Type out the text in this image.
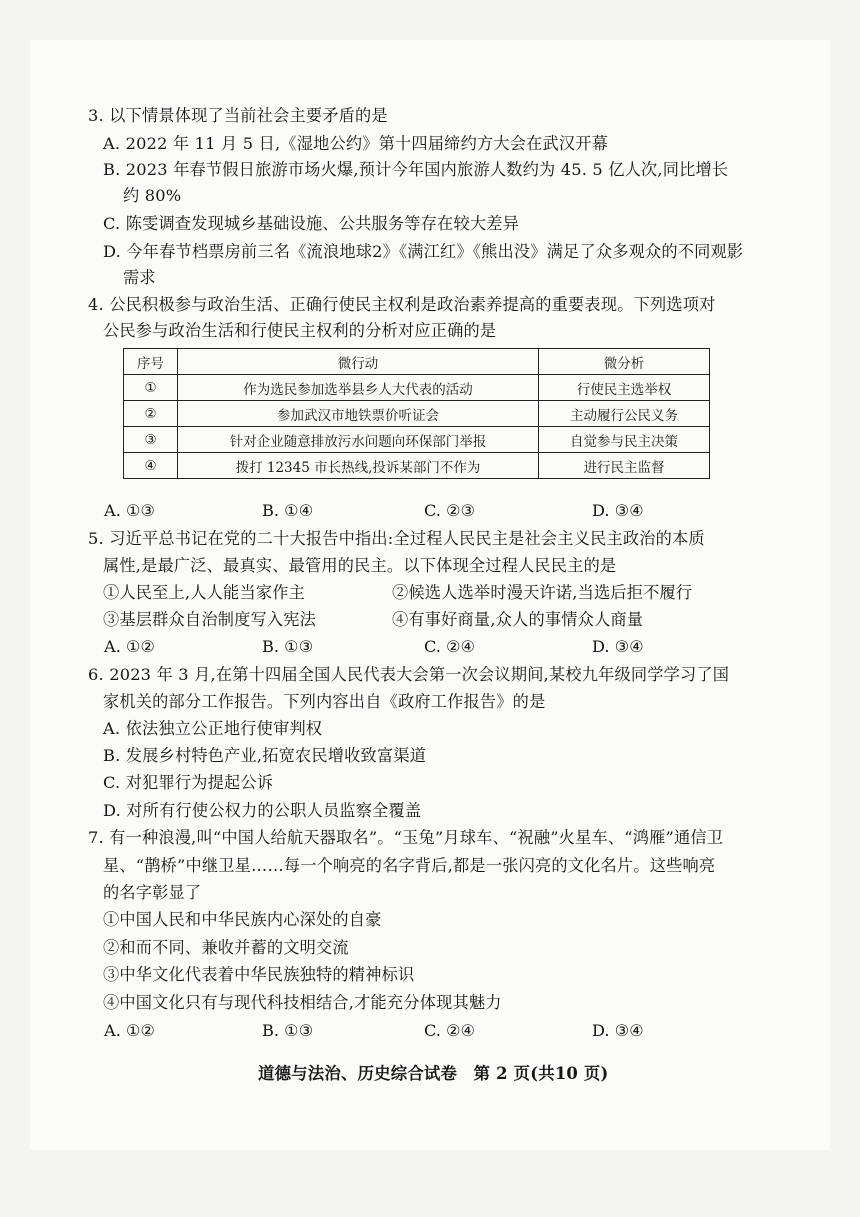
3. 以下情景体现了当前社会主要矛盾的是
A. 2022 年 11 月 5 日,《湿地公约》第十四届缔约方大会在武汉开幕
B. 2023 年春节假日旅游市场火爆,预计今年国内旅游人数约为 45. 5 亿人次,同比增长
约 80%
C. 陈雯调查发现城乡基础设施、公共服务等存在较大差异
D. 今年春节档票房前三名《流浪地球2》《满江红》《熊出没》满足了众多观众的不同观影
需求
4. 公民积极参与政治生活、正确行使民主权利是政治素养提高的重要表现。下列选项对
公民参与政治生活和行使民主权利的分析对应正确的是
序号	微行动	微分析
①	作为选民参加选举县乡人大代表的活动	行使民主选举权
②	参加武汉市地铁票价听证会	主动履行公民义务
③	针对企业随意排放污水问题向环保部门举报	自觉参与民主决策
④	拨打 12345 市长热线,投诉某部门不作为	进行民主监督
A. ①③	B. ①④	C. ②③	D. ③④
5. 习近平总书记在党的二十大报告中指出:全过程人民民主是社会主义民主政治的本质
属性,是最广泛、最真实、最管用的民主。以下体现全过程人民民主的是
①人民至上,人人能当家作主	②候选人选举时漫天许诺,当选后拒不履行
③基层群众自治制度写入宪法	④有事好商量,众人的事情众人商量
A. ①②	B. ①③	C. ②④	D. ③④
6. 2023 年 3 月,在第十四届全国人民代表大会第一次会议期间,某校九年级同学学习了国
家机关的部分工作报告。下列内容出自《政府工作报告》的是
A. 依法独立公正地行使审判权
B. 发展乡村特色产业,拓宽农民增收致富渠道
C. 对犯罪行为提起公诉
D. 对所有行使公权力的公职人员监察全覆盖
7. 有一种浪漫,叫“中国人给航天器取名”。“玉兔”月球车、“祝融”火星车、“鸿雁”通信卫
星、“鹊桥”中继卫星……每一个响亮的名字背后,都是一张闪亮的文化名片。这些响亮
的名字彰显了
①中国人民和中华民族内心深处的自豪
②和而不同、兼收并蓄的文明交流
③中华文化代表着中华民族独特的精神标识
④中国文化只有与现代科技相结合,才能充分体现其魅力
A. ①②	B. ①③	C. ②④	D. ③④
道德与法治、历史综合试卷　第 2 页(共10 页)
